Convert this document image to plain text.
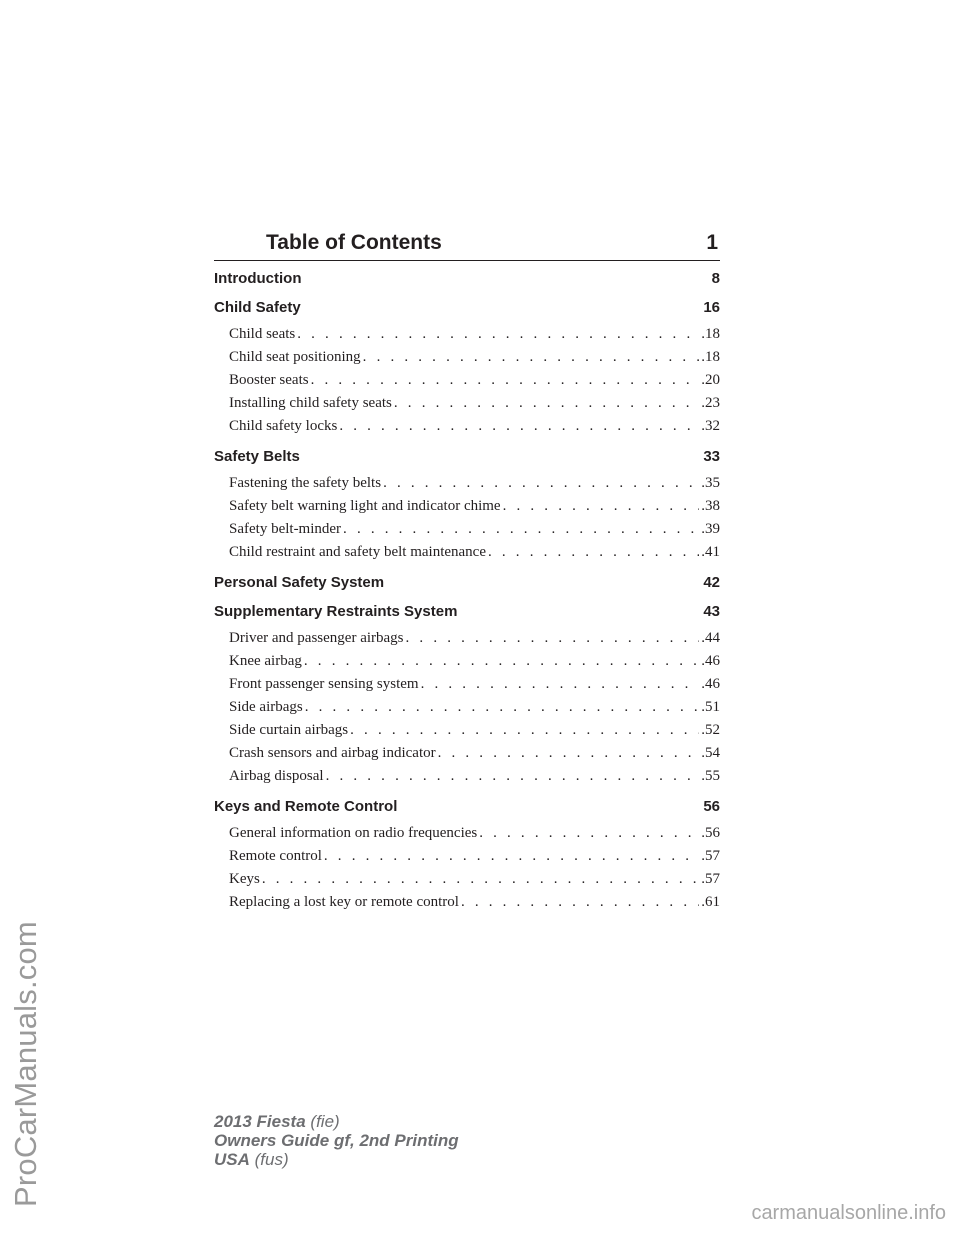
ProCarManuals.com
Table of Contents	1
Introduction	8
Child Safety	16
Child seats . . .	.18
Child seat positioning . . .	.18
Booster seats . . .	.20
Installing child safety seats . . .	.23
Child safety locks . . .	.32
Safety Belts	33
Fastening the safety belts . . .	.35
Safety belt warning light and indicator chime . . .	.38
Safety belt-minder . . .	.39
Child restraint and safety belt maintenance . . .	.41
Personal Safety System	42
Supplementary Restraints System	43
Driver and passenger airbags . . .	.44
Knee airbag . . .	.46
Front passenger sensing system . . .	.46
Side airbags . . .	.51
Side curtain airbags . . .	.52
Crash sensors and airbag indicator . . .	.54
Airbag disposal . . .	.55
Keys and Remote Control	56
General information on radio frequencies . . .	.56
Remote control . . .	.57
Keys . . .	.57
Replacing a lost key or remote control . . .	.61
2013 Fiesta (fie)
Owners Guide gf, 2nd Printing
USA (fus)
carmanualsonline.info
